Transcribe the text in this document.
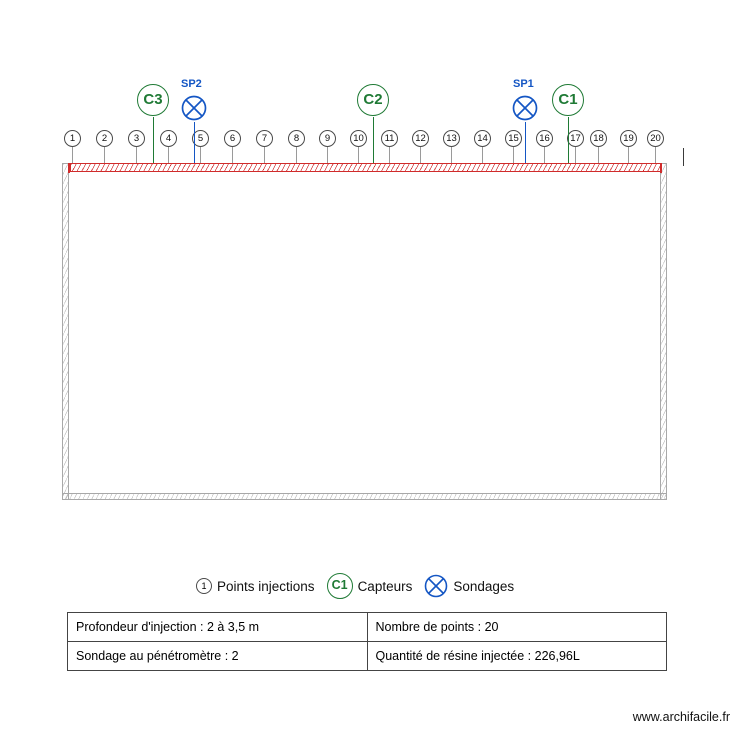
1	2	3	4	5	6	7	8	9	10	11	12	13	14	15	16	17	18	19	20
C3	C2	C1
SP2	SP1
1 Points injections	C1 Capteurs	Sondages
Profondeur d'injection : 2 à 3,5 m	Nombre de points : 20
Sondage au pénétromètre : 2	Quantité de résine injectée : 226,96L
www.archifacile.fr
